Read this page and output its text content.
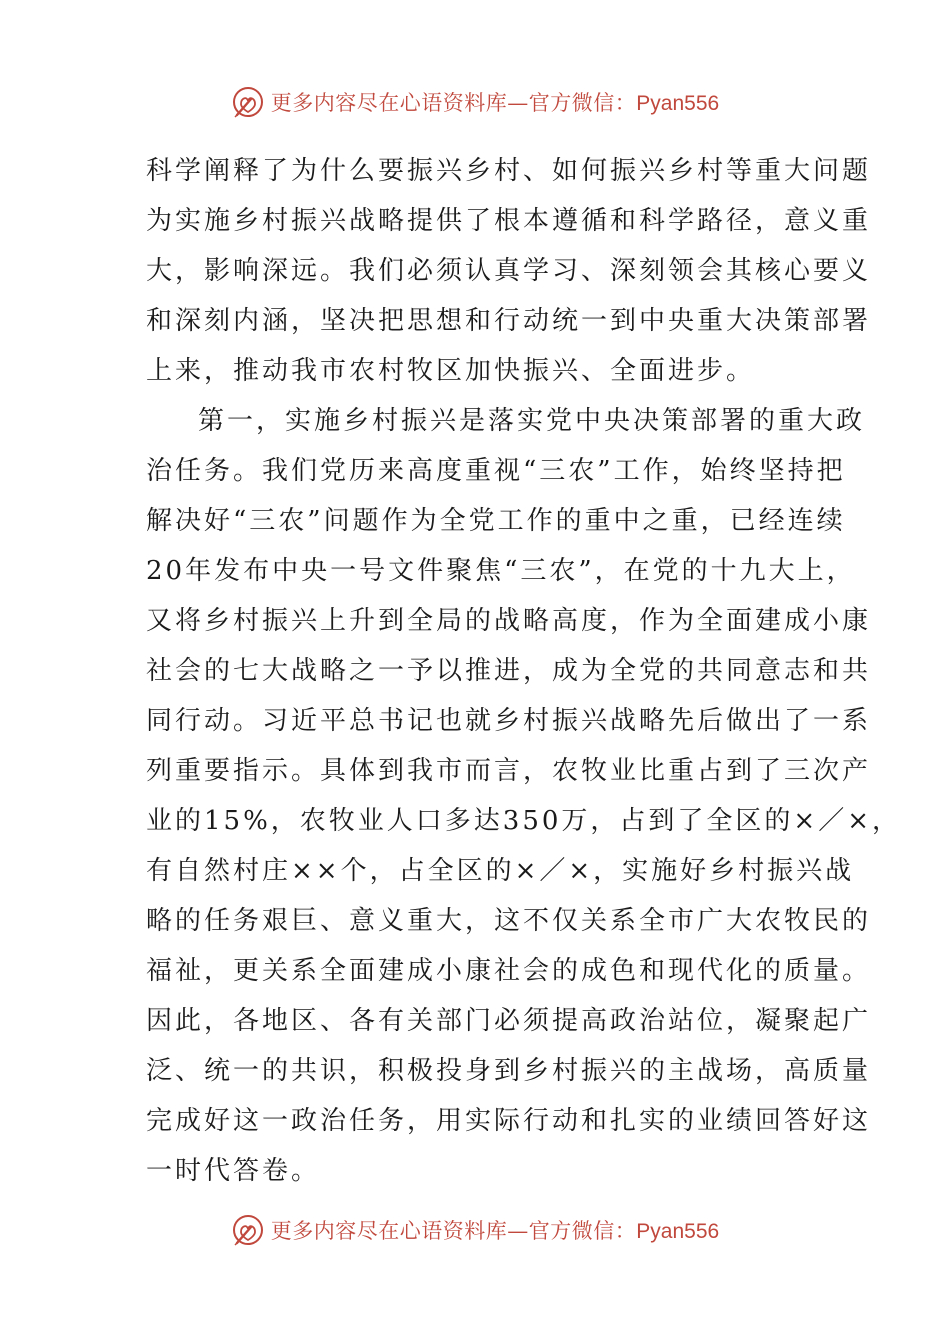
更多内容尽在心语资料库—官方微信：Pyan556
科学阐释了为什么要振兴乡村、如何振兴乡村等重大问题
为实施乡村振兴战略提供了根本遵循和科学路径，意义重
大，影响深远。我们必须认真学习、深刻领会其核心要义
和深刻内涵，坚决把思想和行动统一到中央重大决策部署
上来，推动我市农村牧区加快振兴、全面进步。
第一，实施乡村振兴是落实党中央决策部署的重大政
治任务。我们党历来高度重视“三农”工作，始终坚持把
解决好“三农”问题作为全党工作的重中之重，已经连续
20年发布中央一号文件聚焦“三农”，在党的十九大上，
又将乡村振兴上升到全局的战略高度，作为全面建成小康
社会的七大战略之一予以推进，成为全党的共同意志和共
同行动。习近平总书记也就乡村振兴战略先后做出了一系
列重要指示。具体到我市而言，农牧业比重占到了三次产
业的15%，农牧业人口多达350万，占到了全区的×／×，
有自然村庄××个，占全区的×／×，实施好乡村振兴战
略的任务艰巨、意义重大，这不仅关系全市广大农牧民的
福祉，更关系全面建成小康社会的成色和现代化的质量。
因此，各地区、各有关部门必须提高政治站位，凝聚起广
泛、统一的共识，积极投身到乡村振兴的主战场，高质量
完成好这一政治任务，用实际行动和扎实的业绩回答好这
一时代答卷。
更多内容尽在心语资料库—官方微信：Pyan556
